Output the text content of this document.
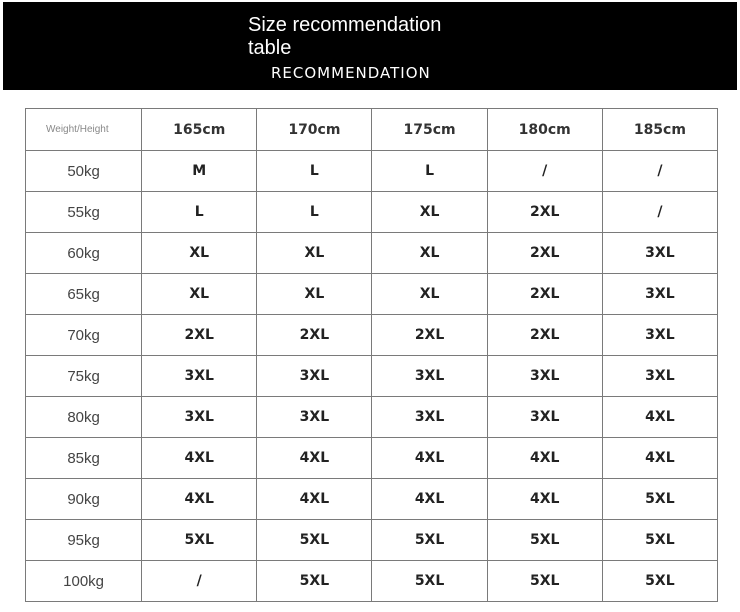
Size recommendation table

RECOMMENDATION

Weight/Height	165cm	170cm	175cm	180cm	185cm
50kg	M	L	L	/	/
55kg	L	L	XL	2XL	/
60kg	XL	XL	XL	2XL	3XL
65kg	XL	XL	XL	2XL	3XL
70kg	2XL	2XL	2XL	2XL	3XL
75kg	3XL	3XL	3XL	3XL	3XL
80kg	3XL	3XL	3XL	3XL	4XL
85kg	4XL	4XL	4XL	4XL	4XL
90kg	4XL	4XL	4XL	4XL	5XL
95kg	5XL	5XL	5XL	5XL	5XL
100kg	/	5XL	5XL	5XL	5XL
